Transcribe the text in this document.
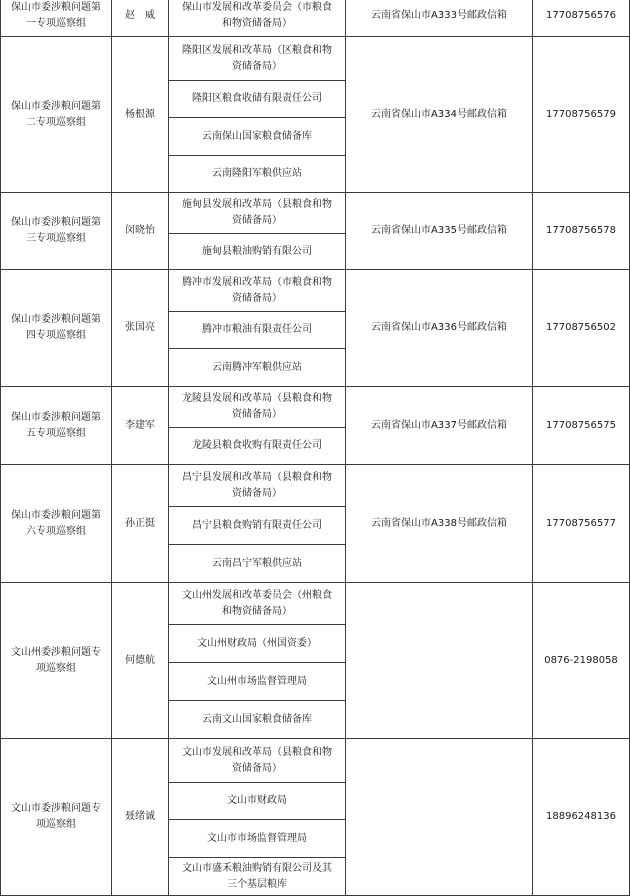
保山市委涉粮问题第一专项巡察组	赵　威	保山市发展和改革委员会（市粮食和物资储备局）	云南省保山市A333号邮政信箱	17708756576
保山市委涉粮问题第二专项巡察组	杨根源	隆阳区发展和改革局（区粮食和物资储备局）	云南省保山市A334号邮政信箱	17708756579
		隆阳区粮食收储有限责任公司		
		云南保山国家粮食储备库		
		云南隆阳军粮供应站		
保山市委涉粮问题第三专项巡察组	闵晓怡	施甸县发展和改革局（县粮食和物资储备局）	云南省保山市A335号邮政信箱	17708756578
		施甸县粮油购销有限公司		
保山市委涉粮问题第四专项巡察组	张国亮	腾冲市发展和改革局（市粮食和物资储备局）	云南省保山市A336号邮政信箱	17708756502
		腾冲市粮油有限责任公司		
		云南腾冲军粮供应站		
保山市委涉粮问题第五专项巡察组	李建军	龙陵县发展和改革局（县粮食和物资储备局）	云南省保山市A337号邮政信箱	17708756575
		龙陵县粮食收购有限责任公司		
保山市委涉粮问题第六专项巡察组	孙正挺	昌宁县发展和改革局（县粮食和物资储备局）	云南省保山市A338号邮政信箱	17708756577
		昌宁县粮食购销有限责任公司		
		云南昌宁军粮供应站		
文山州委涉粮问题专项巡察组	何德航	文山州发展和改革委员会（州粮食和物资储备局）		0876-2198058
		文山州财政局（州国资委）		
		文山州市场监督管理局		
		云南文山国家粮食储备库		
文山市委涉粮问题专项巡察组	聂绪诚	文山市发展和改革局（县粮食和物资储备局）		18896248136
		文山市财政局		
		文山市市场监督管理局		
		文山市盛禾粮油购销有限公司及其三个基层粮库		
